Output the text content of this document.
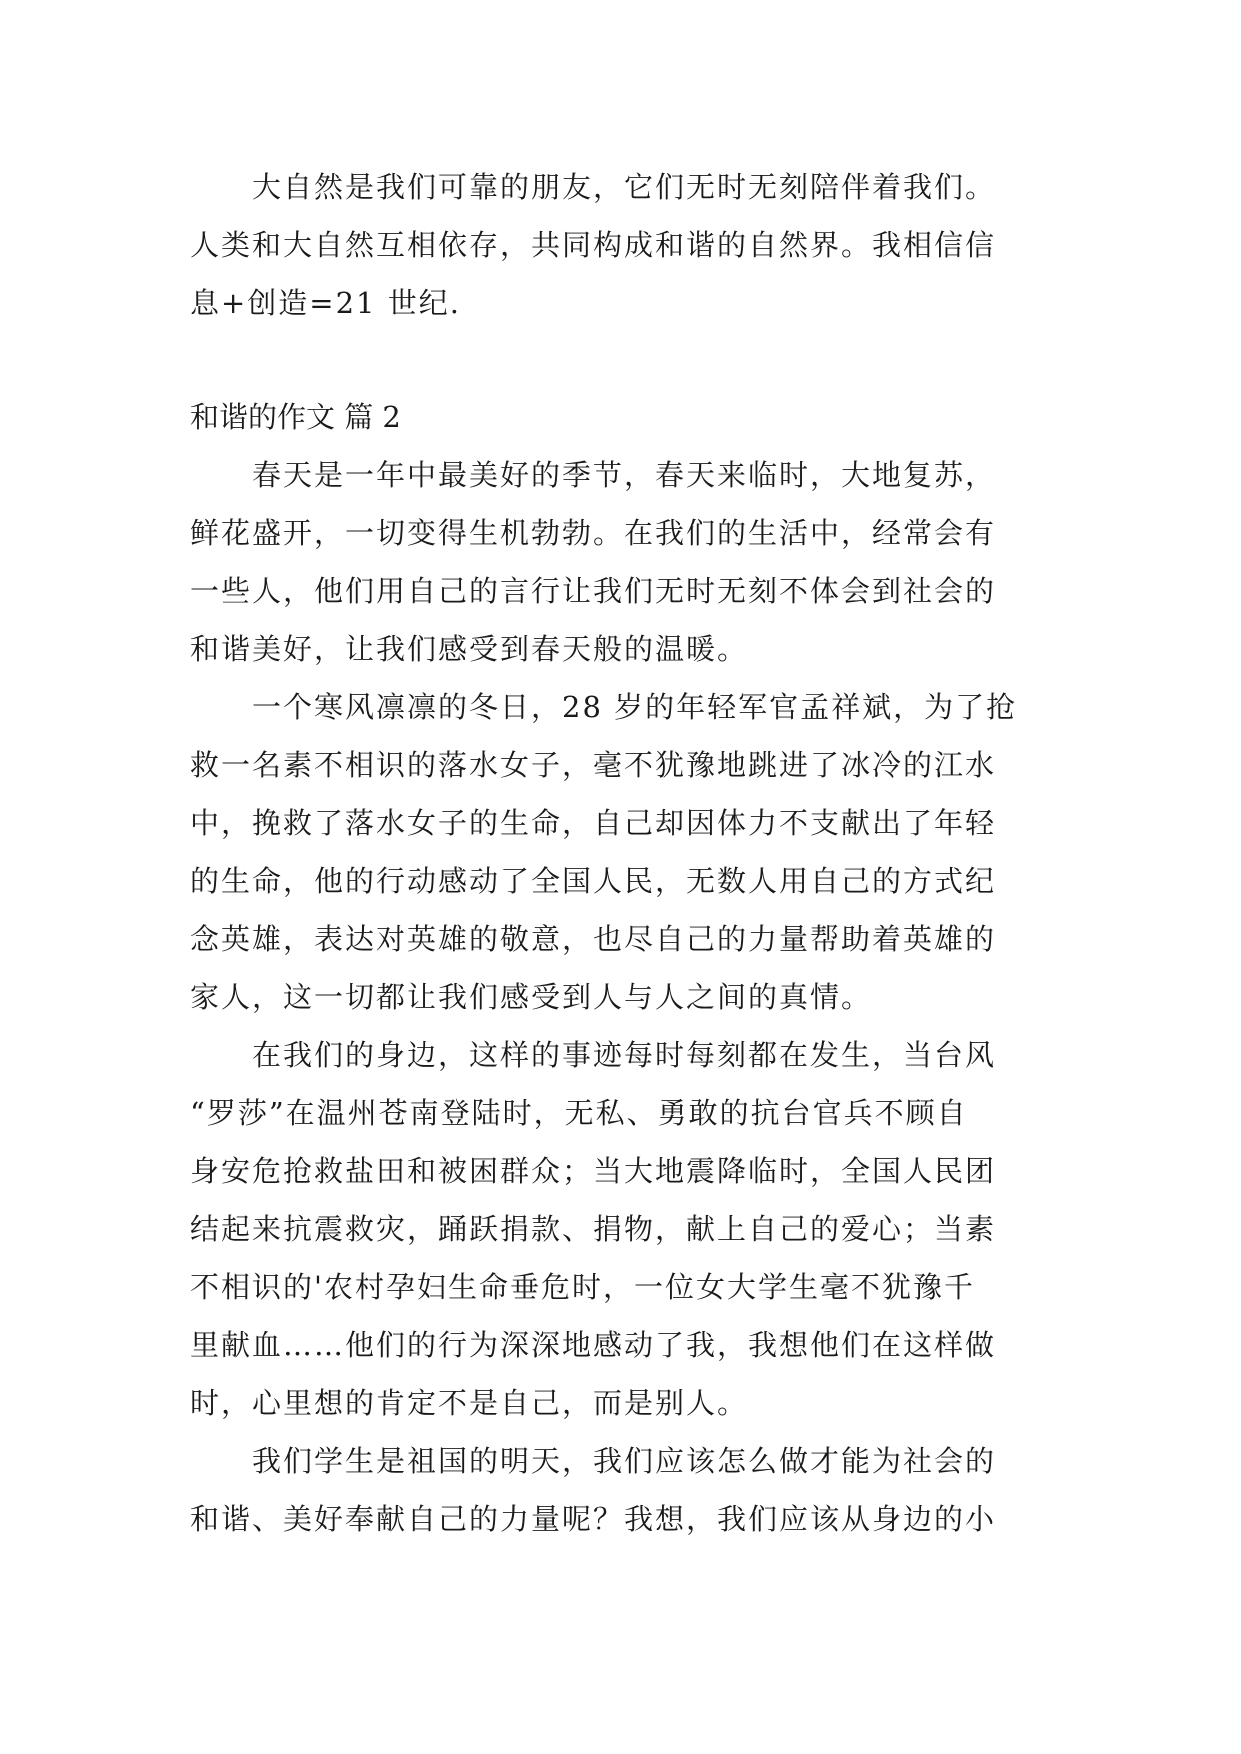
　　大自然是我们可靠的朋友，它们无时无刻陪伴着我们。
人类和大自然互相依存，共同构成和谐的自然界。我相信信
息+创造=21 世纪.
和谐的作文 篇 2
　　春天是一年中最美好的季节，春天来临时，大地复苏，
鲜花盛开，一切变得生机勃勃。在我们的生活中，经常会有
一些人，他们用自己的言行让我们无时无刻不体会到社会的
和谐美好，让我们感受到春天般的温暖。
　　一个寒风凛凛的冬日，28 岁的年轻军官孟祥斌，为了抢
救一名素不相识的落水女子，毫不犹豫地跳进了冰冷的江水
中，挽救了落水女子的生命，自己却因体力不支献出了年轻
的生命，他的行动感动了全国人民，无数人用自己的方式纪
念英雄，表达对英雄的敬意，也尽自己的力量帮助着英雄的
家人，这一切都让我们感受到人与人之间的真情。
　　在我们的身边，这样的事迹每时每刻都在发生，当台风
“罗莎”在温州苍南登陆时，无私、勇敢的抗台官兵不顾自
身安危抢救盐田和被困群众；当大地震降临时，全国人民团
结起来抗震救灾，踊跃捐款、捐物，献上自己的爱心；当素
不相识的'农村孕妇生命垂危时，一位女大学生毫不犹豫千
里献血……他们的行为深深地感动了我，我想他们在这样做
时，心里想的肯定不是自己，而是别人。
　　我们学生是祖国的明天，我们应该怎么做才能为社会的
和谐、美好奉献自己的力量呢？我想，我们应该从身边的小
